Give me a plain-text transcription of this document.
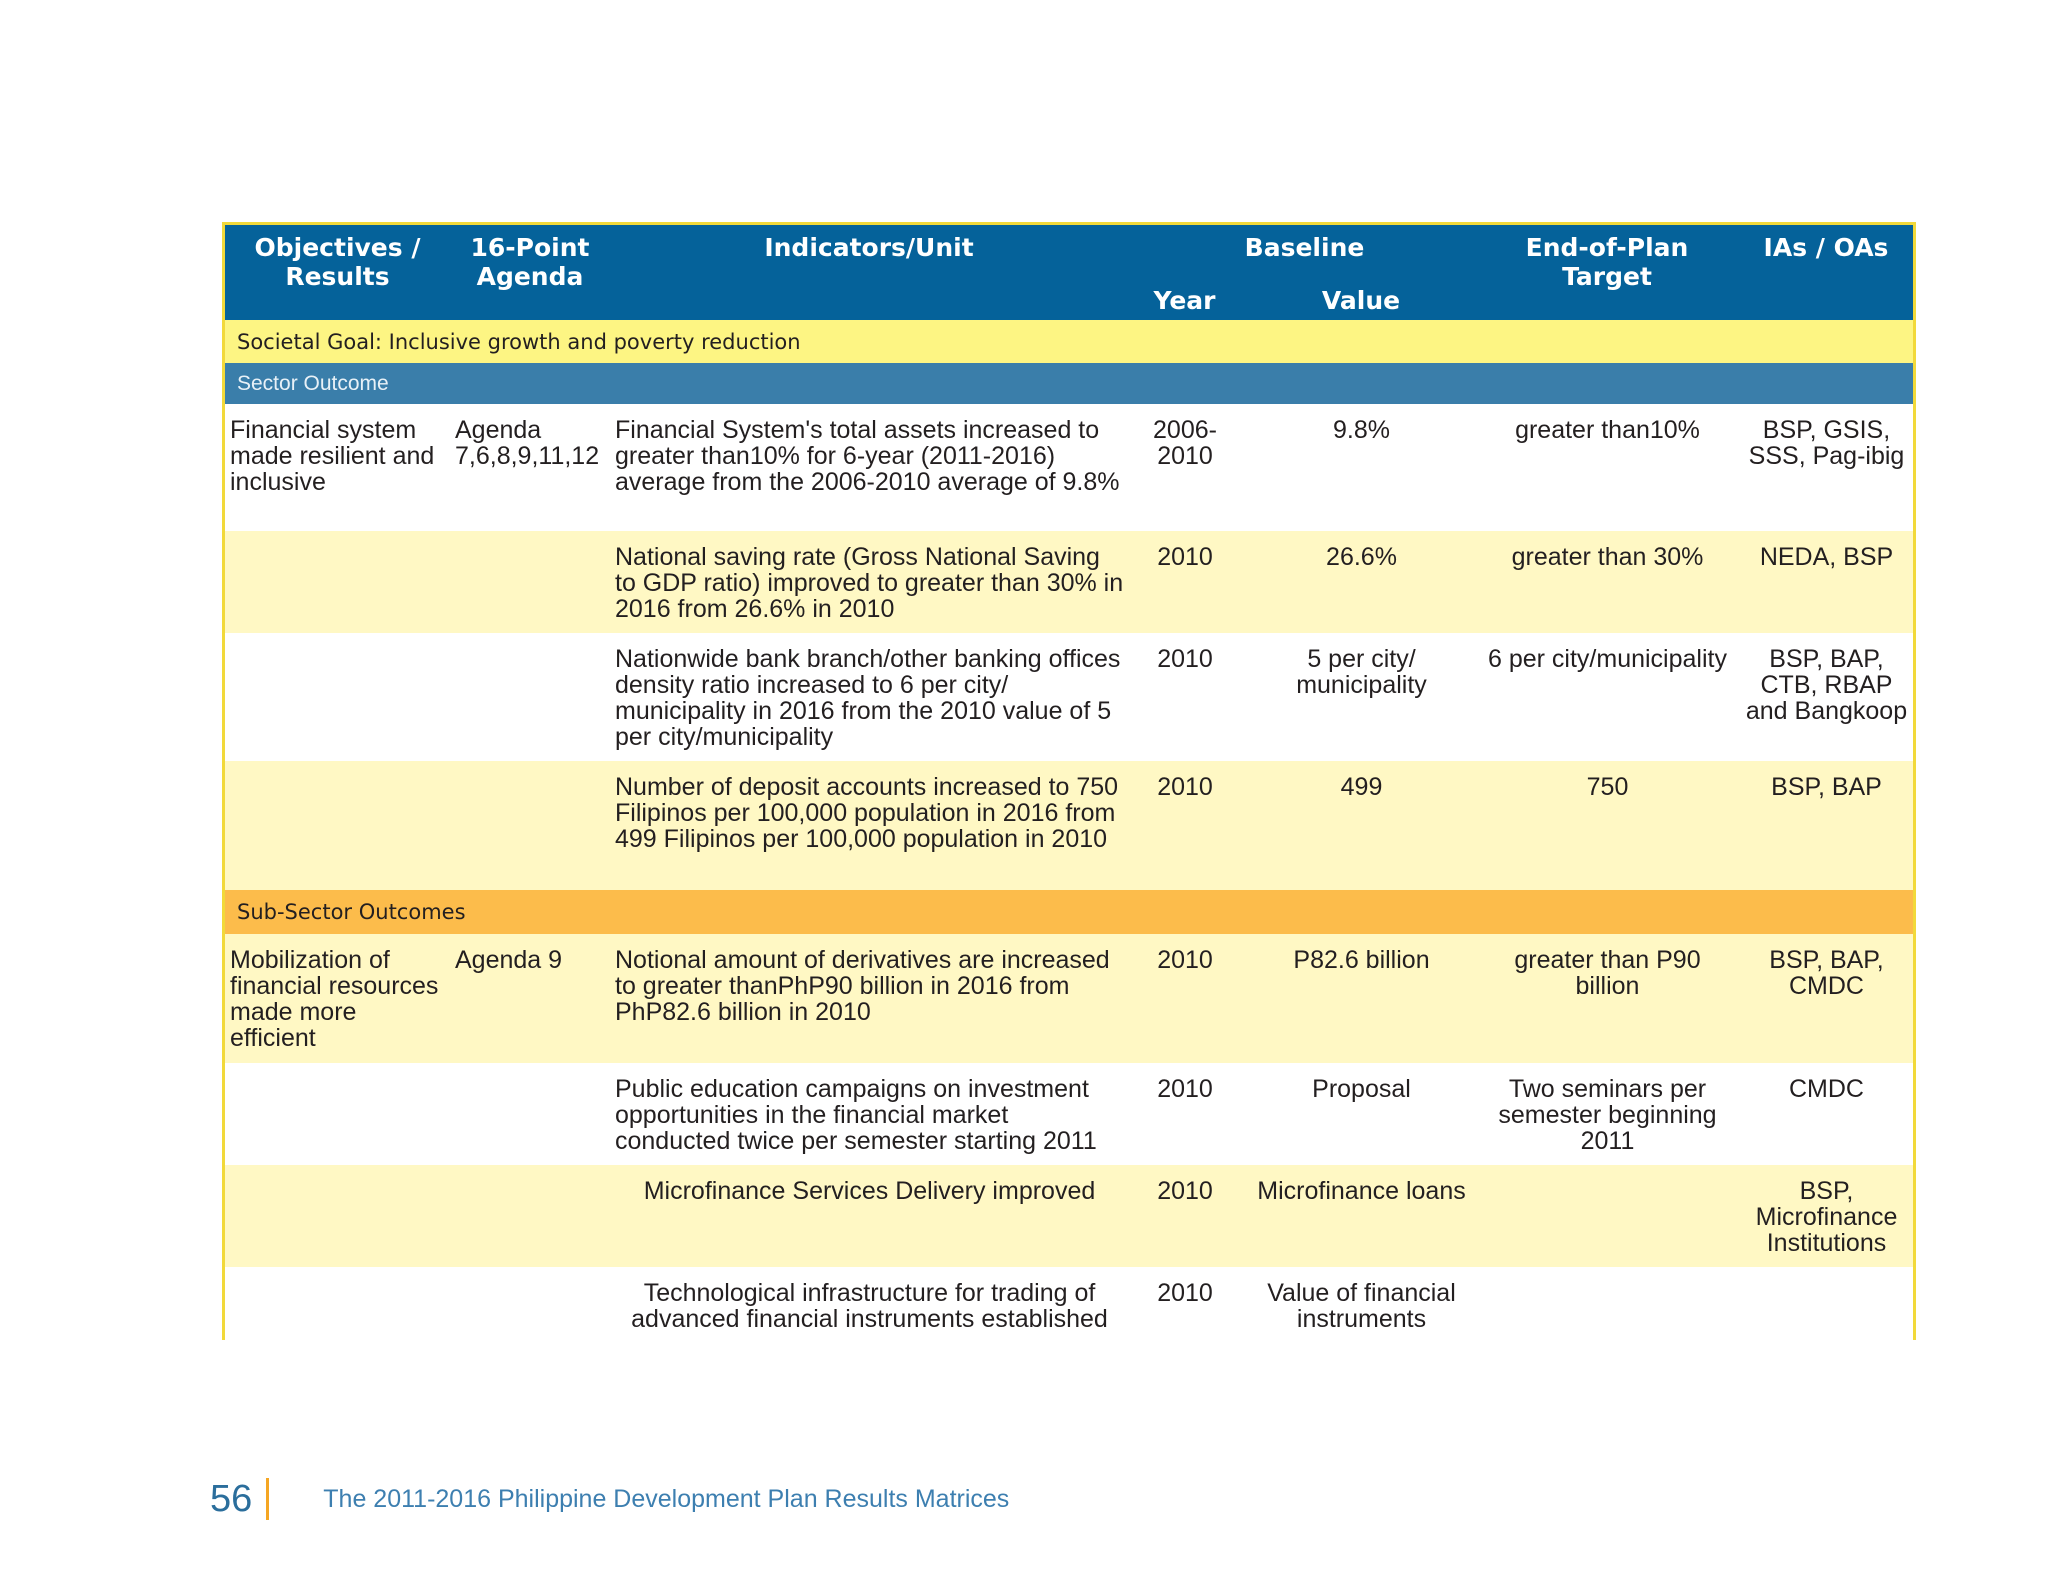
Objectives / Results	16-Point Agenda	Indicators/Unit	Baseline		End-of-Plan Target	IAs / OAs
			Year	Value		
Societal Goal: Inclusive growth and poverty reduction						
Sector Outcome						
Financial system made resilient and inclusive	Agenda 7,6,8,9,11,12	Financial System's total assets increased to greater than10% for 6-year (2011-2016) average from the 2006-2010 average of 9.8%	2006-2010	9.8%	greater than10%	BSP, GSIS, SSS, Pag-ibig
		National saving rate (Gross National Saving to GDP ratio) improved to greater than 30% in 2016 from 26.6% in 2010	2010	26.6%	greater than 30%	NEDA, BSP
		Nationwide bank branch/other banking offices density ratio increased to 6 per city/ municipality in 2016 from the 2010 value of 5 per city/municipality	2010	5 per city/ municipality	6 per city/municipality	BSP, BAP, CTB, RBAP and Bangkoop
		Number of deposit accounts increased to 750 Filipinos per 100,000 population in 2016 from 499 Filipinos per 100,000 population in 2010	2010	499	750	BSP, BAP
Sub-Sector Outcomes						
Mobilization of financial resources made more efficient	Agenda 9	Notional amount of derivatives are increased to greater thanPhP90 billion in 2016 from PhP82.6 billion in 2010	2010	P82.6 billion	greater than P90 billion	BSP, BAP, CMDC
		Public education campaigns on investment opportunities in the financial market conducted twice per semester starting 2011	2010	Proposal	Two seminars per semester beginning 2011	CMDC
		Microfinance Services Delivery improved	2010	Microfinance loans		BSP, Microfinance Institutions
		Technological infrastructure for trading of advanced financial instruments established	2010	Value of financial instruments		
56	The 2011-2016 Philippine Development Plan Results Matrices
